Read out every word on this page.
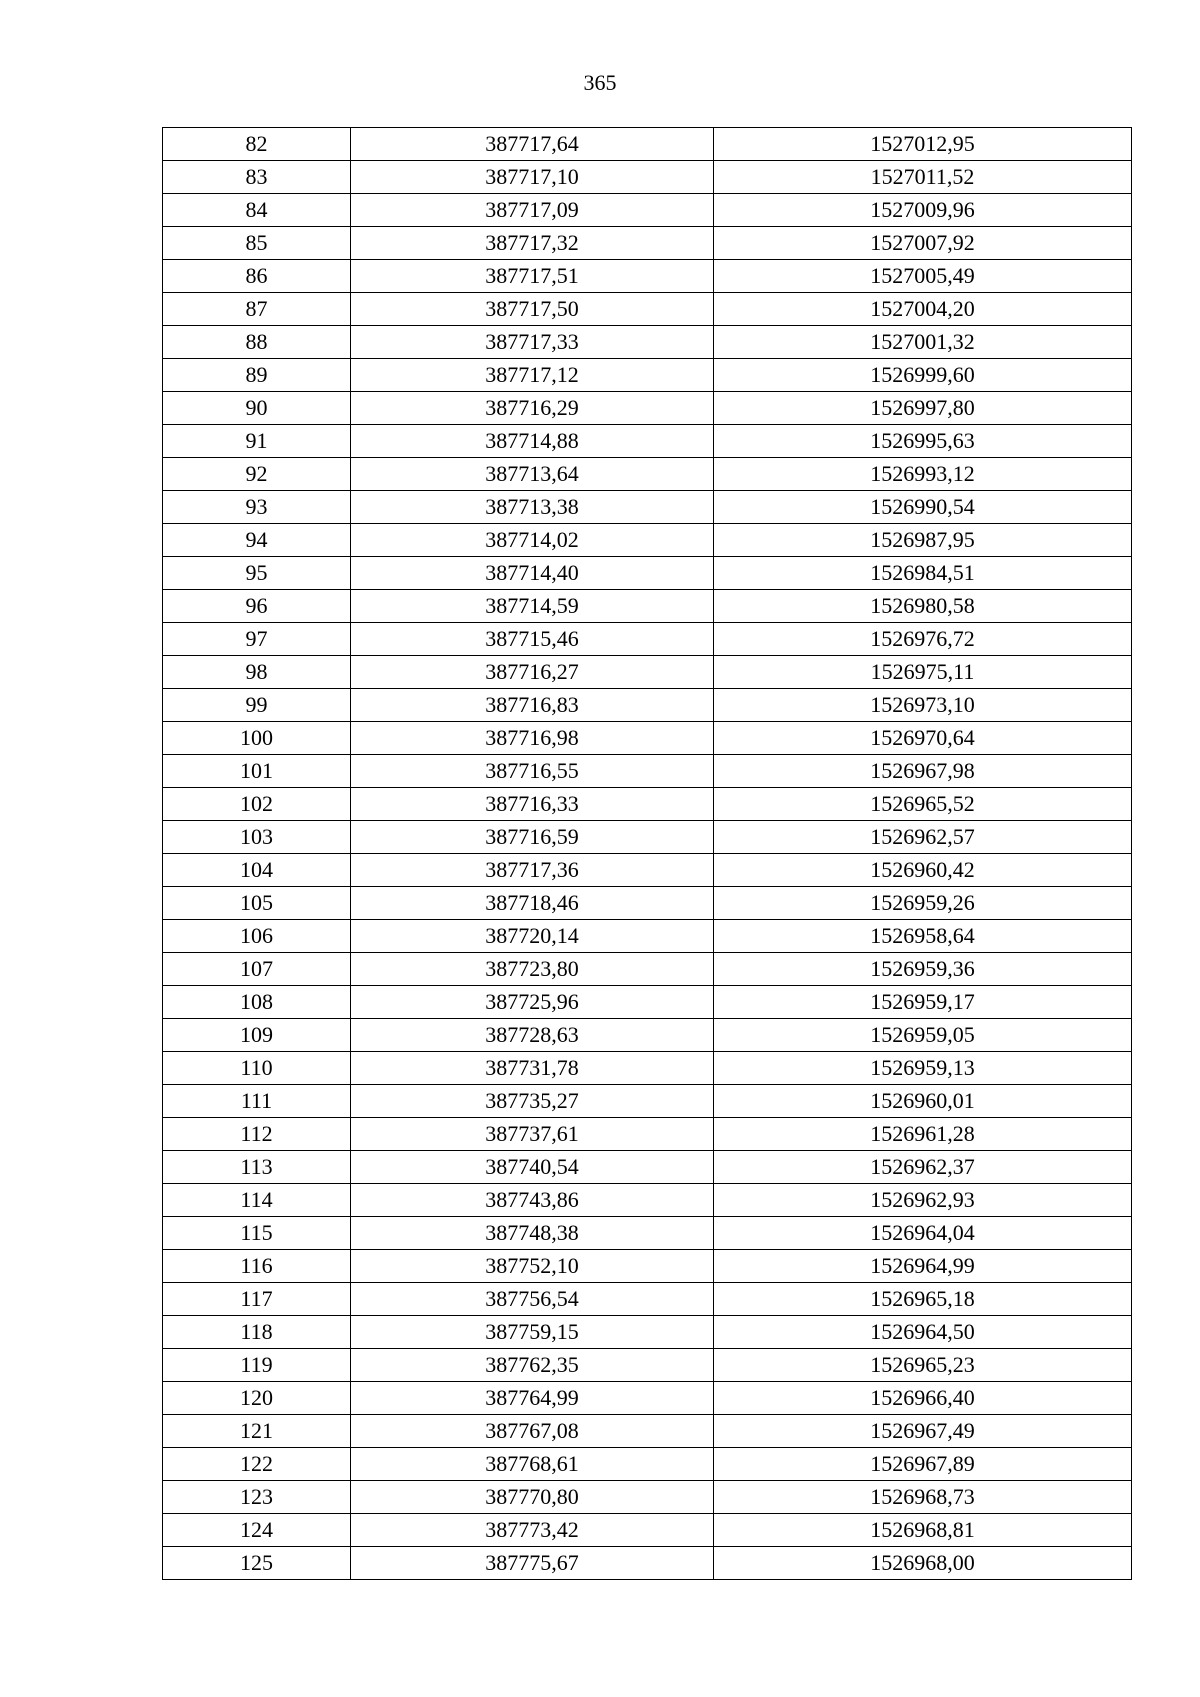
365
82	387717,64	1527012,95
83	387717,10	1527011,52
84	387717,09	1527009,96
85	387717,32	1527007,92
86	387717,51	1527005,49
87	387717,50	1527004,20
88	387717,33	1527001,32
89	387717,12	1526999,60
90	387716,29	1526997,80
91	387714,88	1526995,63
92	387713,64	1526993,12
93	387713,38	1526990,54
94	387714,02	1526987,95
95	387714,40	1526984,51
96	387714,59	1526980,58
97	387715,46	1526976,72
98	387716,27	1526975,11
99	387716,83	1526973,10
100	387716,98	1526970,64
101	387716,55	1526967,98
102	387716,33	1526965,52
103	387716,59	1526962,57
104	387717,36	1526960,42
105	387718,46	1526959,26
106	387720,14	1526958,64
107	387723,80	1526959,36
108	387725,96	1526959,17
109	387728,63	1526959,05
110	387731,78	1526959,13
111	387735,27	1526960,01
112	387737,61	1526961,28
113	387740,54	1526962,37
114	387743,86	1526962,93
115	387748,38	1526964,04
116	387752,10	1526964,99
117	387756,54	1526965,18
118	387759,15	1526964,50
119	387762,35	1526965,23
120	387764,99	1526966,40
121	387767,08	1526967,49
122	387768,61	1526967,89
123	387770,80	1526968,73
124	387773,42	1526968,81
125	387775,67	1526968,00
